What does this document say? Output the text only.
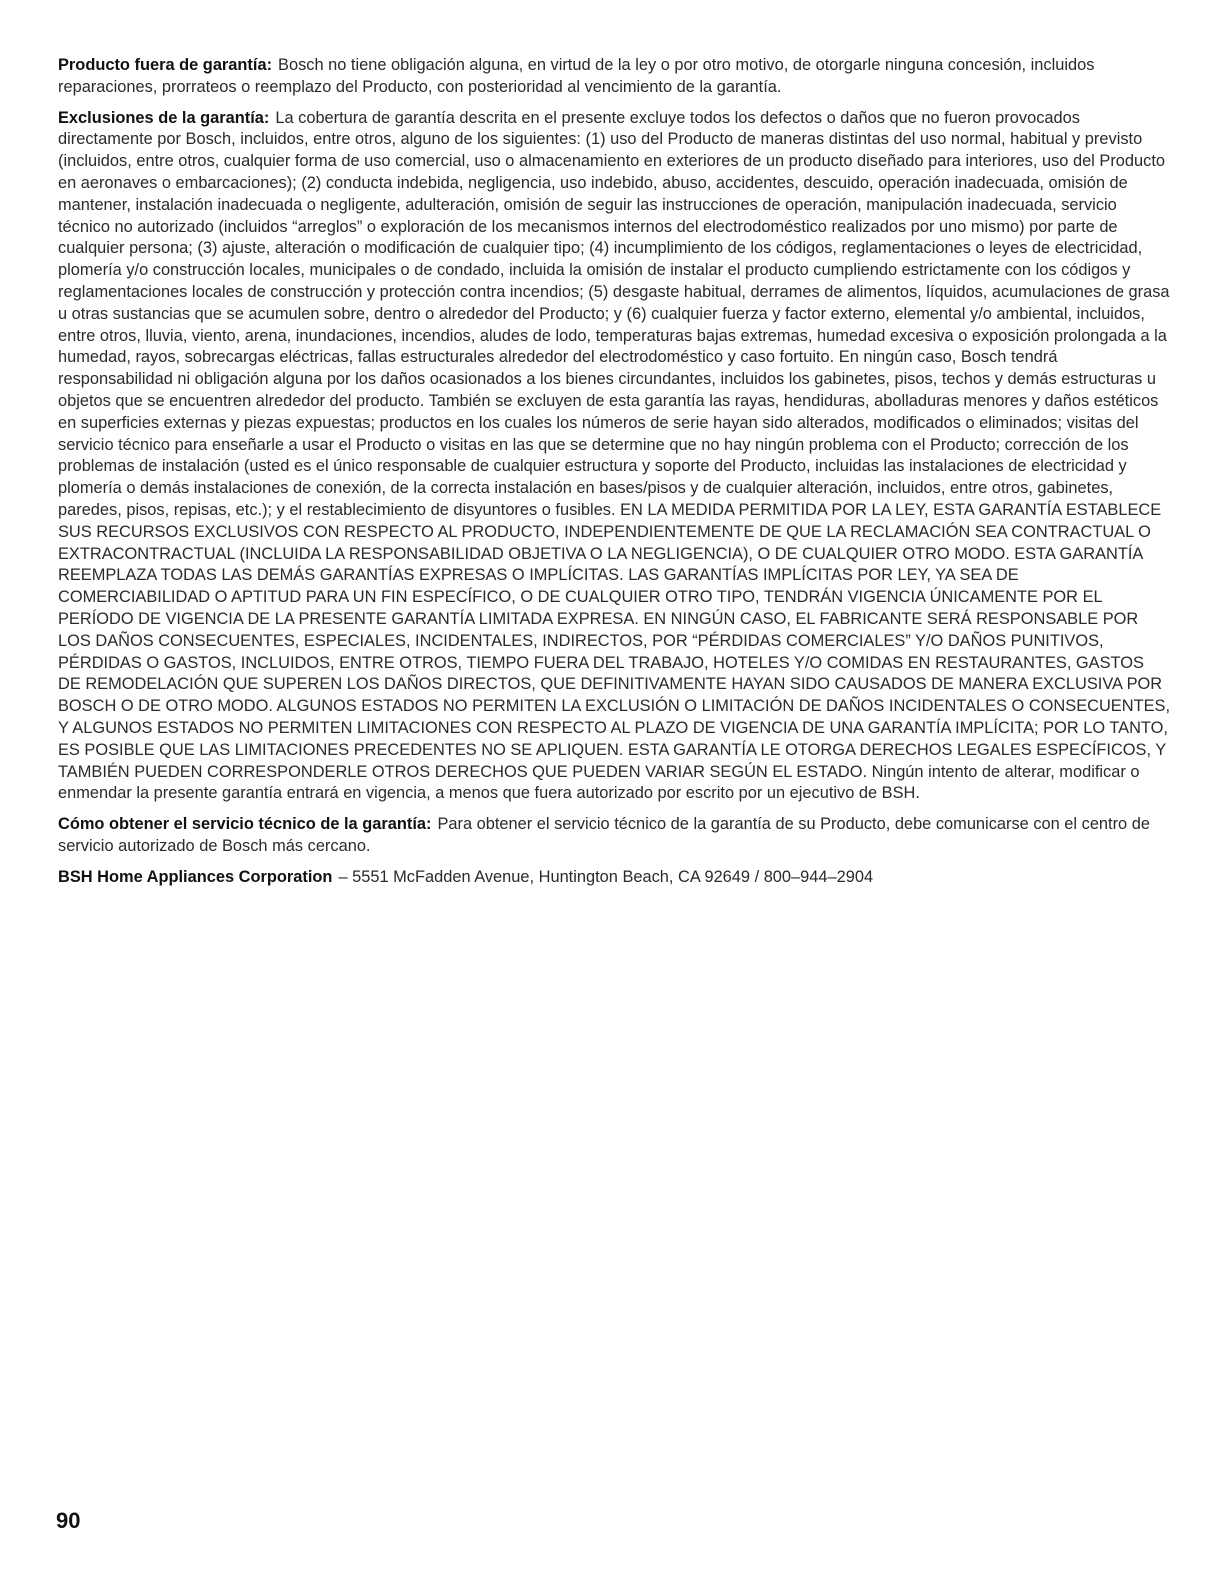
Producto fuera de garantía: Bosch no tiene obligación alguna, en virtud de la ley o por otro motivo, de otorgarle ninguna concesión, incluidos reparaciones, prorrateos o reemplazo del Producto, con posterioridad al vencimiento de la garantía.

Exclusiones de la garantía: La cobertura de garantía descrita en el presente excluye todos los defectos o daños que no fueron provocados directamente por Bosch, incluidos, entre otros, alguno de los siguientes: (1) uso del Producto de maneras distintas del uso normal, habitual y previsto (incluidos, entre otros, cualquier forma de uso comercial, uso o almacenamiento en exteriores de un producto diseñado para interiores, uso del Producto en aeronaves o embarcaciones); (2) conducta indebida, negligencia, uso indebido, abuso, accidentes, descuido, operación inadecuada, omisión de mantener, instalación inadecuada o negligente, adulteración, omisión de seguir las instrucciones de operación, manipulación inadecuada, servicio técnico no autorizado (incluidos “arreglos” o exploración de los mecanismos internos del electrodoméstico realizados por uno mismo) por parte de cualquier persona; (3) ajuste, alteración o modificación de cualquier tipo; (4) incumplimiento de los códigos, reglamentaciones o leyes de electricidad, plomería y/o construcción locales, municipales o de condado, incluida la omisión de instalar el producto cumpliendo estrictamente con los códigos y reglamentaciones locales de construcción y protección contra incendios; (5) desgaste habitual, derrames de alimentos, líquidos, acumulaciones de grasa u otras sustancias que se acumulen sobre, dentro o alrededor del Producto; y (6) cualquier fuerza y factor externo, elemental y/o ambiental, incluidos, entre otros, lluvia, viento, arena, inundaciones, incendios, aludes de lodo, temperaturas bajas extremas, humedad excesiva o exposición prolongada a la humedad, rayos, sobrecargas eléctricas, fallas estructurales alrededor del electrodoméstico y caso fortuito. En ningún caso, Bosch tendrá responsabilidad ni obligación alguna por los daños ocasionados a los bienes circundantes, incluidos los gabinetes, pisos, techos y demás estructuras u objetos que se encuentren alrededor del producto. También se excluyen de esta garantía las rayas, hendiduras, abolladuras menores y daños estéticos en superficies externas y piezas expuestas; productos en los cuales los números de serie hayan sido alterados, modificados o eliminados; visitas del servicio técnico para enseñarle a usar el Producto o visitas en las que se determine que no hay ningún problema con el Producto; corrección de los problemas de instalación (usted es el único responsable de cualquier estructura y soporte del Producto, incluidas las instalaciones de electricidad y plomería o demás instalaciones de conexión, de la correcta instalación en bases/pisos y de cualquier alteración, incluidos, entre otros, gabinetes, paredes, pisos, repisas, etc.); y el restablecimiento de disyuntores o fusibles. EN LA MEDIDA PERMITIDA POR LA LEY, ESTA GARANTÍA ESTABLECE SUS RECURSOS EXCLUSIVOS CON RESPECTO AL PRODUCTO, INDEPENDIENTEMENTE DE QUE LA RECLAMACIÓN SEA CONTRACTUAL O EXTRACONTRACTUAL (INCLUIDA LA RESPONSABILIDAD OBJETIVA O LA NEGLIGENCIA), O DE CUALQUIER OTRO MODO. ESTA GARANTÍA REEMPLAZA TODAS LAS DEMÁS GARANTÍAS EXPRESAS O IMPLÍCITAS. LAS GARANTÍAS IMPLÍCITAS POR LEY, YA SEA DE COMERCIABILIDAD O APTITUD PARA UN FIN ESPECÍFICO, O DE CUALQUIER OTRO TIPO, TENDRÁN VIGENCIA ÚNICAMENTE POR EL PERÍODO DE VIGENCIA DE LA PRESENTE GARANTÍA LIMITADA EXPRESA. EN NINGÚN CASO, EL FABRICANTE SERÁ RESPONSABLE POR LOS DAÑOS CONSECUENTES, ESPECIALES, INCIDENTALES, INDIRECTOS, POR “PÉRDIDAS COMERCIALES” Y/O DAÑOS PUNITIVOS, PÉRDIDAS O GASTOS, INCLUIDOS, ENTRE OTROS, TIEMPO FUERA DEL TRABAJO, HOTELES Y/O COMIDAS EN RESTAURANTES, GASTOS DE REMODELACIÓN QUE SUPEREN LOS DAÑOS DIRECTOS, QUE DEFINITIVAMENTE HAYAN SIDO CAUSADOS DE MANERA EXCLUSIVA POR BOSCH O DE OTRO MODO. ALGUNOS ESTADOS NO PERMITEN LA EXCLUSIÓN O LIMITACIÓN DE DAÑOS INCIDENTALES O CONSECUENTES, Y ALGUNOS ESTADOS NO PERMITEN LIMITACIONES CON RESPECTO AL PLAZO DE VIGENCIA DE UNA GARANTÍA IMPLÍCITA; POR LO TANTO, ES POSIBLE QUE LAS LIMITACIONES PRECEDENTES NO SE APLIQUEN. ESTA GARANTÍA LE OTORGA DERECHOS LEGALES ESPECÍFICOS, Y TAMBIÉN PUEDEN CORRESPONDERLE OTROS DERECHOS QUE PUEDEN VARIAR SEGÚN EL ESTADO. Ningún intento de alterar, modificar o enmendar la presente garantía entrará en vigencia, a menos que fuera autorizado por escrito por un ejecutivo de BSH.

Cómo obtener el servicio técnico de la garantía: Para obtener el servicio técnico de la garantía de su Producto, debe comunicarse con el centro de servicio autorizado de Bosch más cercano.

BSH Home Appliances Corporation – 5551 McFadden Avenue, Huntington Beach, CA 92649 / 800–944–2904

90
